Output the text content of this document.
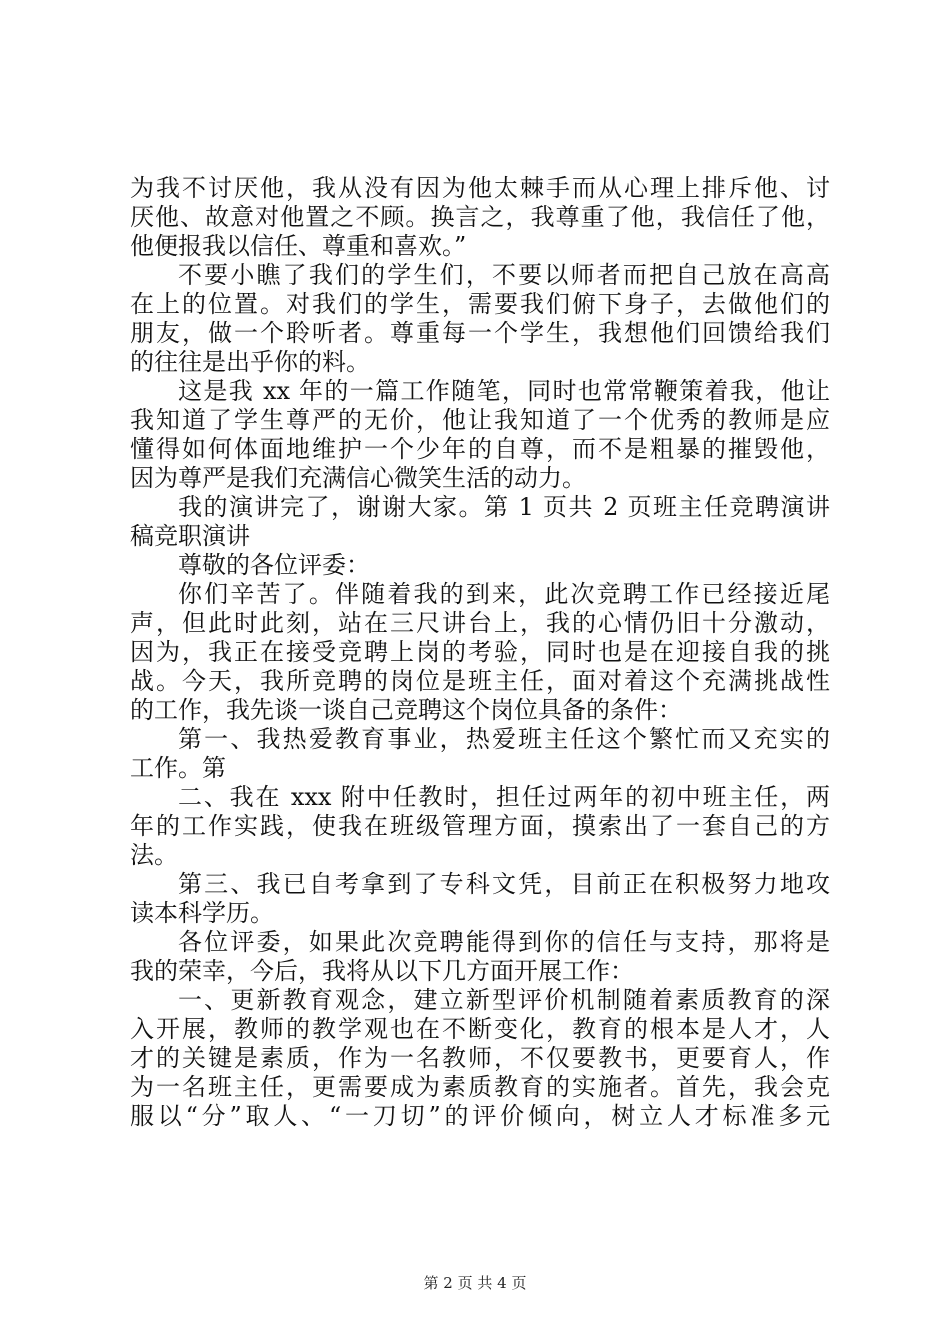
为我不讨厌他，我从没有因为他太棘手而从心理上排斥他、讨
厌他、故意对他置之不顾。换言之，我尊重了他，我信任了他，
他便报我以信任、尊重和喜欢。”
不要小瞧了我们的学生们，不要以师者而把自己放在高高
在上的位置。对我们的学生，需要我们俯下身子，去做他们的
朋友，做一个聆听者。尊重每一个学生，我想他们回馈给我们
的往往是出乎你的料。
这是我 xx 年的一篇工作随笔，同时也常常鞭策着我，他让
我知道了学生尊严的无价，他让我知道了一个优秀的教师是应
懂得如何体面地维护一个少年的自尊，而不是粗暴的摧毁他，
因为尊严是我们充满信心微笑生活的动力。
我的演讲完了，谢谢大家。第 1 页共 2 页班主任竞聘演讲
稿竞职演讲
尊敬的各位评委：
你们辛苦了。伴随着我的到来，此次竞聘工作已经接近尾
声，但此时此刻，站在三尺讲台上，我的心情仍旧十分激动，
因为，我正在接受竞聘上岗的考验，同时也是在迎接自我的挑
战。今天，我所竞聘的岗位是班主任，面对着这个充满挑战性
的工作，我先谈一谈自己竞聘这个岗位具备的条件：
第一、我热爱教育事业，热爱班主任这个繁忙而又充实的
工作。第
二、我在 xxx 附中任教时，担任过两年的初中班主任，两
年的工作实践，使我在班级管理方面，摸索出了一套自己的方
法。
第三、我已自考拿到了专科文凭，目前正在积极努力地攻
读本科学历。
各位评委，如果此次竞聘能得到你的信任与支持，那将是
我的荣幸，今后，我将从以下几方面开展工作：
一、更新教育观念，建立新型评价机制随着素质教育的深
入开展，教师的教学观也在不断变化，教育的根本是人才，人
才的关键是素质，作为一名教师，不仅要教书，更要育人，作
为一名班主任，更需要成为素质教育的实施者。首先，我会克
服以“分”取人、“一刀切”的评价倾向，树立人才标准多元
第 2 页 共 4 页
